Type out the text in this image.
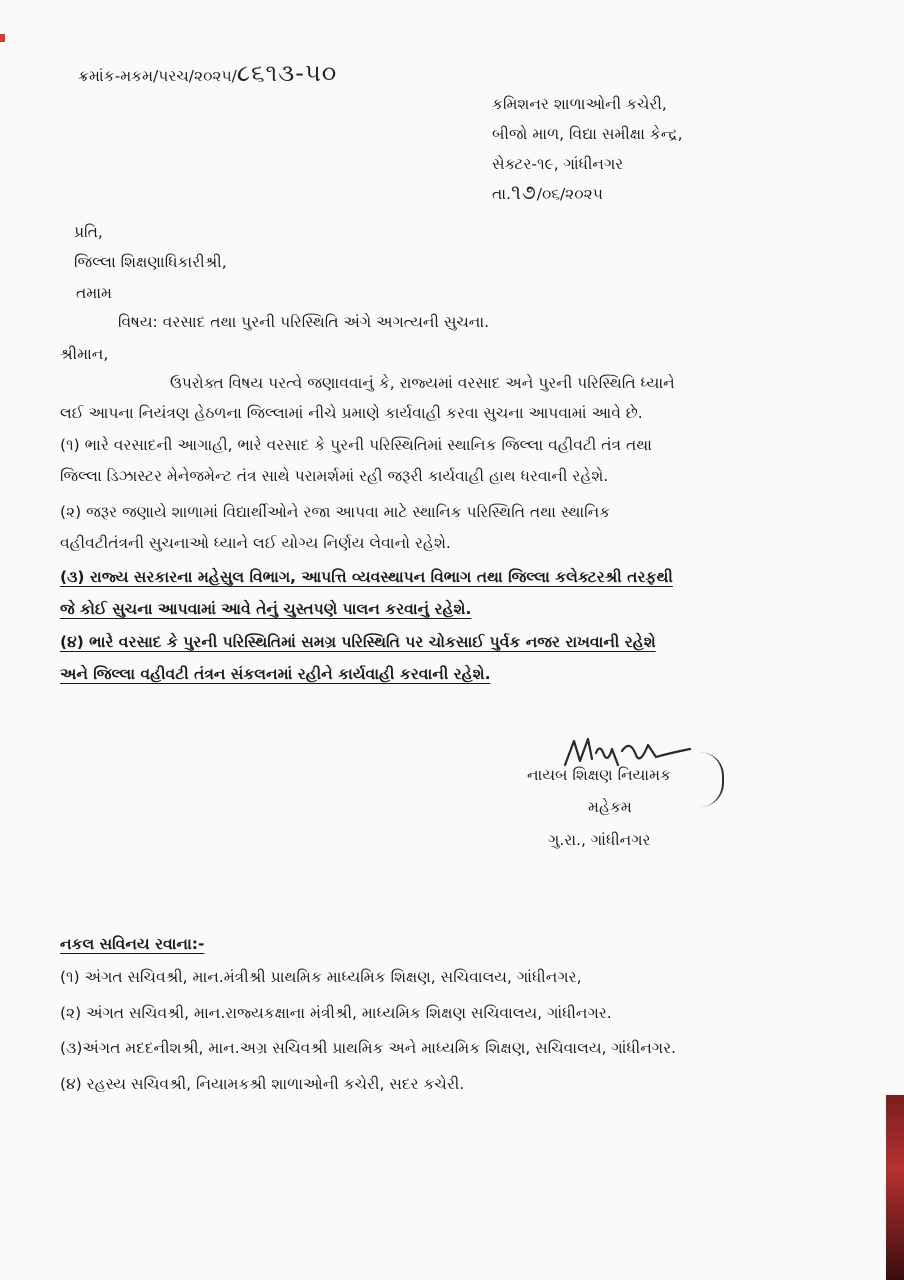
ક્રમાંક-મકમ/પરચ/૨૦૨૫/૮૬૧૩-૫૦
કમિશનર શાળાઓની કચેરી,
બીજો માળ, વિદ્યા સમીક્ષા કેન્દ્ર,
સેક્ટર-૧૯, ગાંધીનગર
તા.૧૭/૦૬/૨૦૨૫
પ્રતિ,
જિલ્લા શિક્ષણાધિકારીશ્રી,
તમામ
વિષય: વરસાદ તથા પુરની પરિસ્થિતિ અંગે અગત્યની સુચના.
શ્રીમાન,
ઉપરોક્ત વિષય પરત્વે જણાવવાનું કે, રાજ્યમાં વરસાદ અને પુરની પરિસ્થિતિ ધ્યાને
લઈ આપના નિયંત્રણ હેઠળના જિલ્લામાં નીચે પ્રમાણે કાર્યવાહી કરવા સુચના આપવામાં આવે છે.
(૧) ભારે વરસાદની આગાહી, ભારે વરસાદ કે પુરની પરિસ્થિતિમાં સ્થાનિક જિલ્લા વહીવટી તંત્ર તથા
જિલ્લા ડિઝાસ્ટર મેનેજમેન્ટ તંત્ર સાથે પરામર્શમાં રહી જરૂરી કાર્યવાહી હાથ ધરવાની રહેશે.
(૨) જરૂર જણાયે શાળામાં વિદ્યાર્થીઓને રજા આપવા માટે સ્થાનિક પરિસ્થિતિ તથા સ્થાનિક
વહીવટીતંત્રની સુચનાઓ ધ્યાને લઈ યોગ્ય નિર્ણય લેવાનો રહેશે.
(૩) રાજ્ય સરકારના મહેસુલ વિભાગ, આપત્તિ વ્યવસ્થાપન વિભાગ તથા જિલ્લા કલેક્ટરશ્રી તરફથી
જે કોઈ સુચના આપવામાં આવે તેનું ચુસ્તપણે પાલન કરવાનું રહેશે.
(૪) ભારે વરસાદ કે પુરની પરિસ્થિતિમાં સમગ્ર પરિસ્થિતિ પર ચોકસાઈ પુર્વક નજર રાખવાની રહેશે
અને જિલ્લા વહીવટી તંત્રન સંકલનમાં રહીને કાર્યવાહી કરવાની રહેશે.
નાયબ શિક્ષણ નિયામક
મહેકમ
ગુ.રા., ગાંધીનગર
નકલ સવિનય રવાના:-
(૧) અંગત સચિવશ્રી, માન.મંત્રીશ્રી પ્રાથમિક માધ્યમિક શિક્ષણ, સચિવાલય, ગાંધીનગર,
(૨) અંગત સચિવશ્રી, માન.રાજ્યકક્ષાના મંત્રીશ્રી, માધ્યમિક શિક્ષણ સચિવાલય, ગાંધીનગર.
(૩)અંગત મદદનીશશ્રી, માન.અગ્ર સચિવશ્રી પ્રાથમિક અને માધ્યમિક શિક્ષણ, સચિવાલય, ગાંધીનગર.
(૪) રહસ્ય સચિવશ્રી, નિયામકશ્રી શાળાઓની કચેરી, સદર કચેરી.
